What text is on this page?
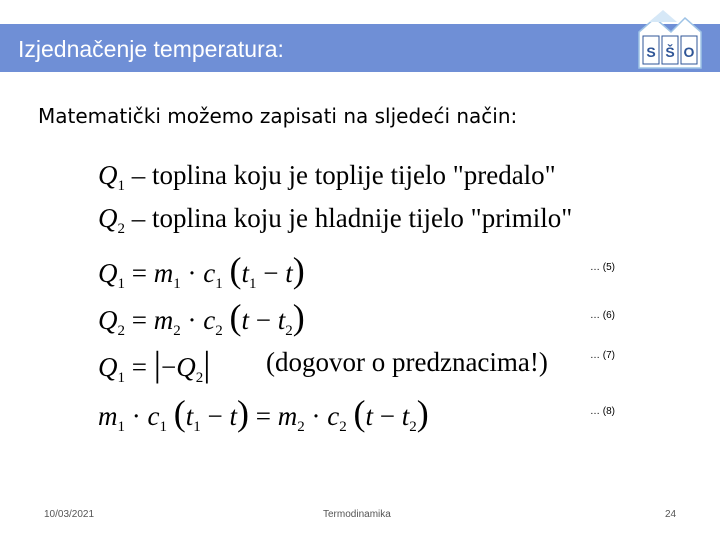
Izjednačenje temperatura:	S Š O
Matematički možemo zapisati na sljedeći način:
$Q_1$ – toplina koju je toplije tijelo "predalo"
$Q_2$ – toplina koju je hladnije tijelo "primilo"
$Q_1 = m_1 \cdot c_1$ $(t_1 - t)$	… (5)
$Q_2 = m_2 \cdot c_2$ $(t - t_2)$	… (6)
$Q_1 = |-Q_2|$ (dogovor o predznacima!)	… (7)
$m_1 \cdot c_1$ $(t_1 - t) = m_2 \cdot c_2$ $(t - t_2)$	… (8)
10/03/2021	Termodinamika	24
